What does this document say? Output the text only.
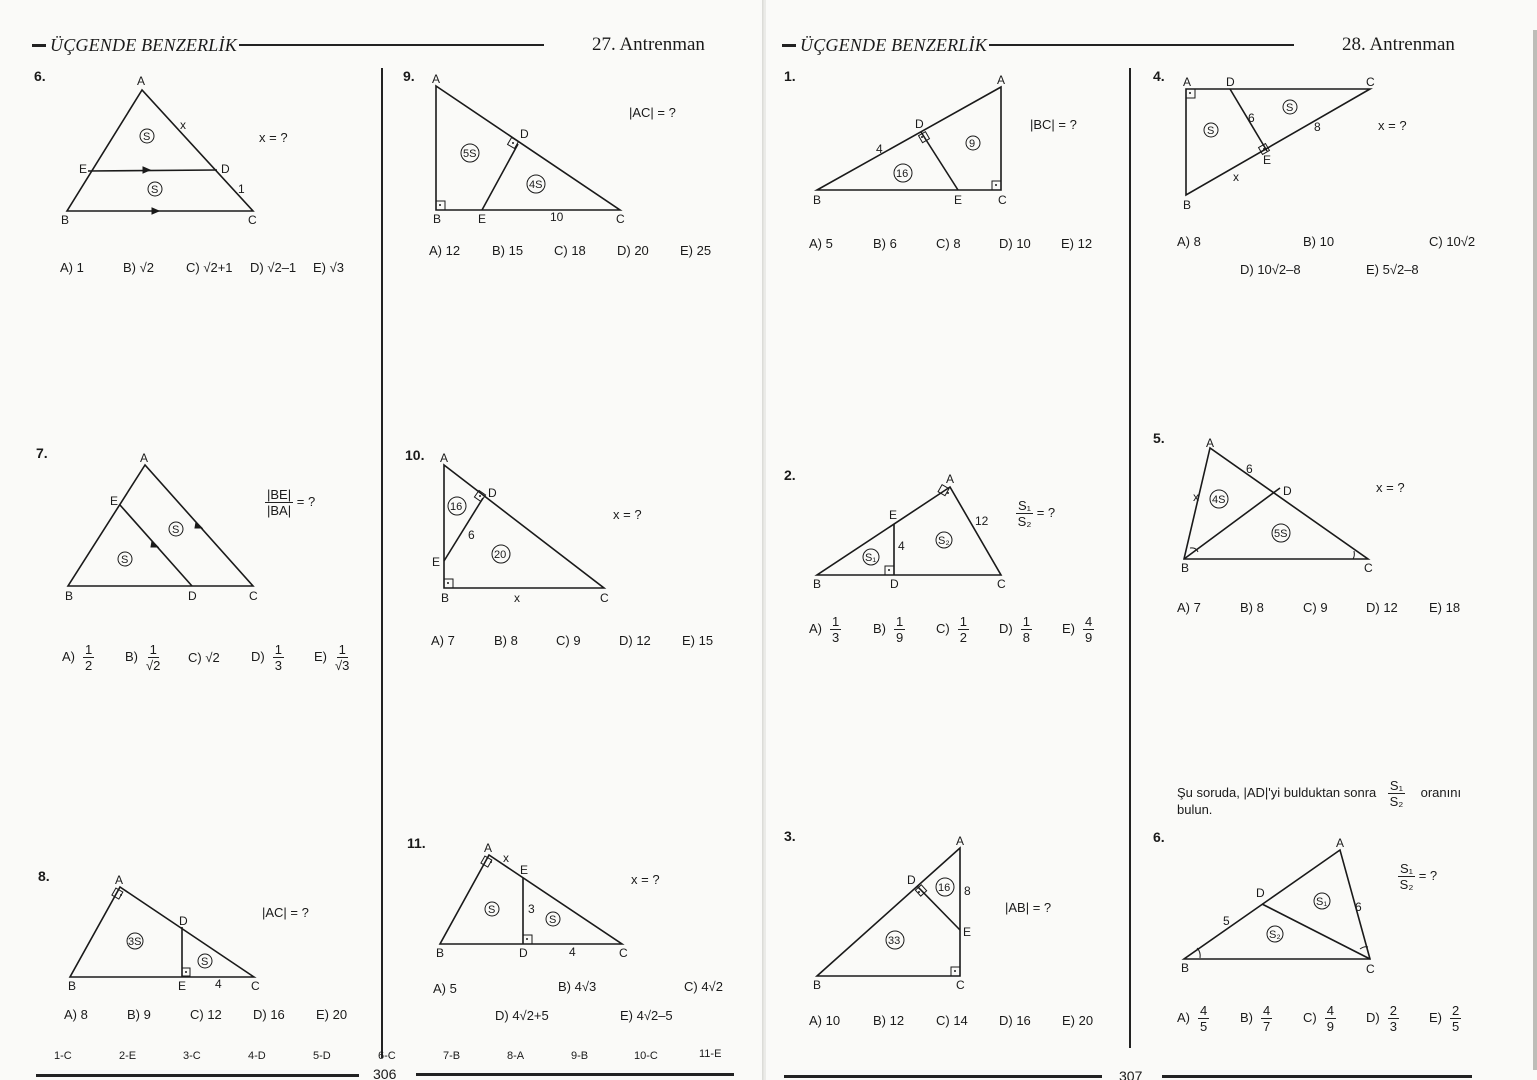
ÜÇGENDE BENZERLİK	27. Antrenman
6.	A
B	C
D
E
x
1
S
S
x = ?
A) 1	B) √2 C) √2+1 D) √2–1 E) √3
7.	A
B	C
D
E
S
S
$\frac{|BE|}{|BA|}$ = ?
$A) \frac{1}{2} B) \frac{1}{√2} C$) √2 $D) \frac{1}{3} E) \frac{1}{√3}$
8.	A
B	C
D
E 4
3S
S
|AC| = ?
A) 8	B) 9	C) 12 D) 16 E) 20
9. A
B	C
D
E	10
5S
4S
|AC| = ?
A) 12 B) 15 C) 18 D) 20 E) 25
10. A
B	C
D
E
6
x
16
20
x = ?
A) 7	B) 8	C) 9	D) 12 E) 15
11.	A
B	C
D
E
x
3
4
S
S
x = ?
A) 5	B) 4√3	C) 4√2
D) 4√2+5	E) 4√2–5
1-C	2-E	3-C	4-D	5-D	6-C	7-B	8-A	9-B	10-C	11-E
306
ÜÇGENDE BENZERLİK	28. Antrenman
1.	A
B	C
D
E
4
16
9
|BC| = ?
A) 5	B) 6	C) 8	D) 10 E) 12
2.	A
B	C
D
E
4
12
S₁
S₂
$\frac{\text{S₁}}{\text{S₂}}$ = ?
$A) \frac{1}{3} B) \frac{1}{9} C) \frac{1}{2} D) \frac{1}{8} E) \frac{4}{9}$
3.	A
B	C
D
E
8
16
33
|AB| = ?
A) 10	B) 12 C) 14 D) 16 E) 20
4. A
B
C
D
E
6
8
x
S
S
x = ?
A) 8	B) 10	C) 10√2
D) 10√2–8	E) 5√2–8
5.	A
B	C
D
x
6
4S
5S
x = ?
A) 7	B) 8	C) 9	D) 12 E) 18
Şu soruda, |AD|'yi bulduktan sonra $\frac{\text{S₁}}{\text{S₂}}$ oranını
bulun.
6.	A
B	C
D
5
6
S₁
S₂
$\frac{\text{S₁}}{\text{S₂}}$ = ?
$A) \frac{4}{5} B) \frac{4}{7} C) \frac{4}{9} D) \frac{2}{3} E) \frac{2}{5}$
307
